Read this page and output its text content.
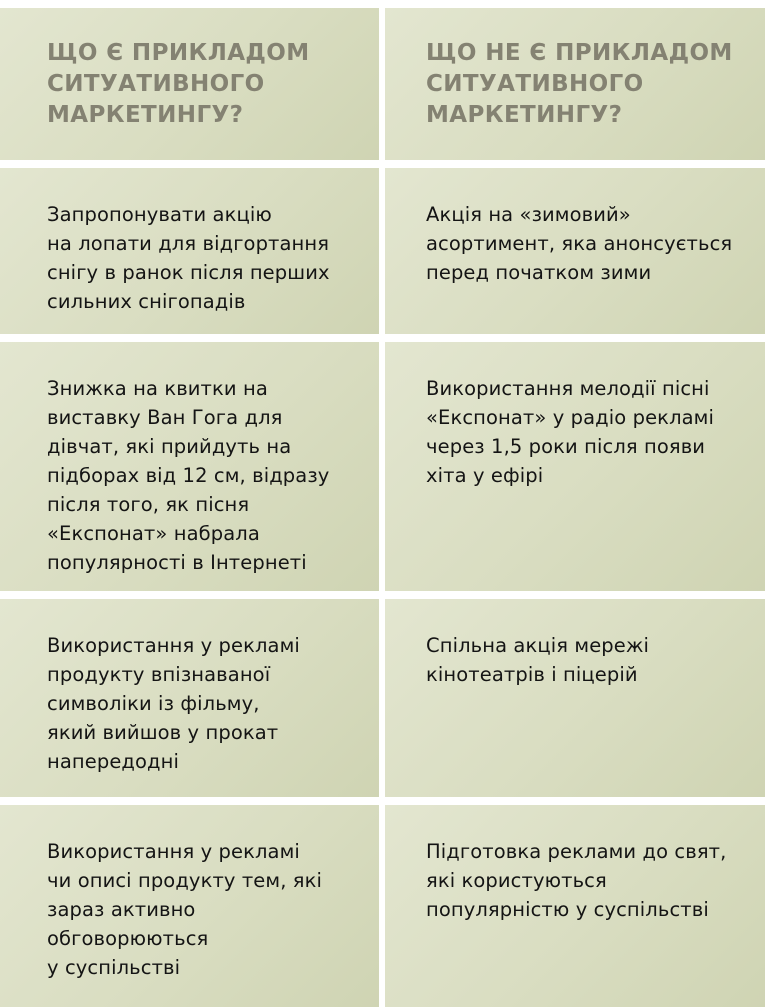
ЩО Є ПРИКЛАДОМ
СИТУАТИВНОГО
МАРКЕТИНГУ?
ЩО НЕ Є ПРИКЛАДОМ
СИТУАТИВНОГО
МАРКЕТИНГУ?
Запропонувати акцію
на лопати для відгортання
снігу в ранок після перших
сильних снігопадів
Акція на «зимовий»
асортимент, яка анонсується
перед початком зими
Знижка на квитки на
виставку Ван Гога для
дівчат, які прийдуть на
підборах від 12 см, відразу
після того, як пісня
«Експонат» набрала
популярності в Інтернеті
Використання мелодії пісні
«Експонат» у радіо рекламі
через 1,5 роки після появи
хіта у ефірі
Використання у рекламі
продукту впізнаваної
символіки із фільму,
який вийшов у прокат
напередодні
Спільна акція мережі
кінотеатрів і піцерій
Використання у рекламі
чи описі продукту тем, які
зараз активно
обговорюються
у суспільстві
Підготовка реклами до свят,
які користуються
популярністю у суспільстві
